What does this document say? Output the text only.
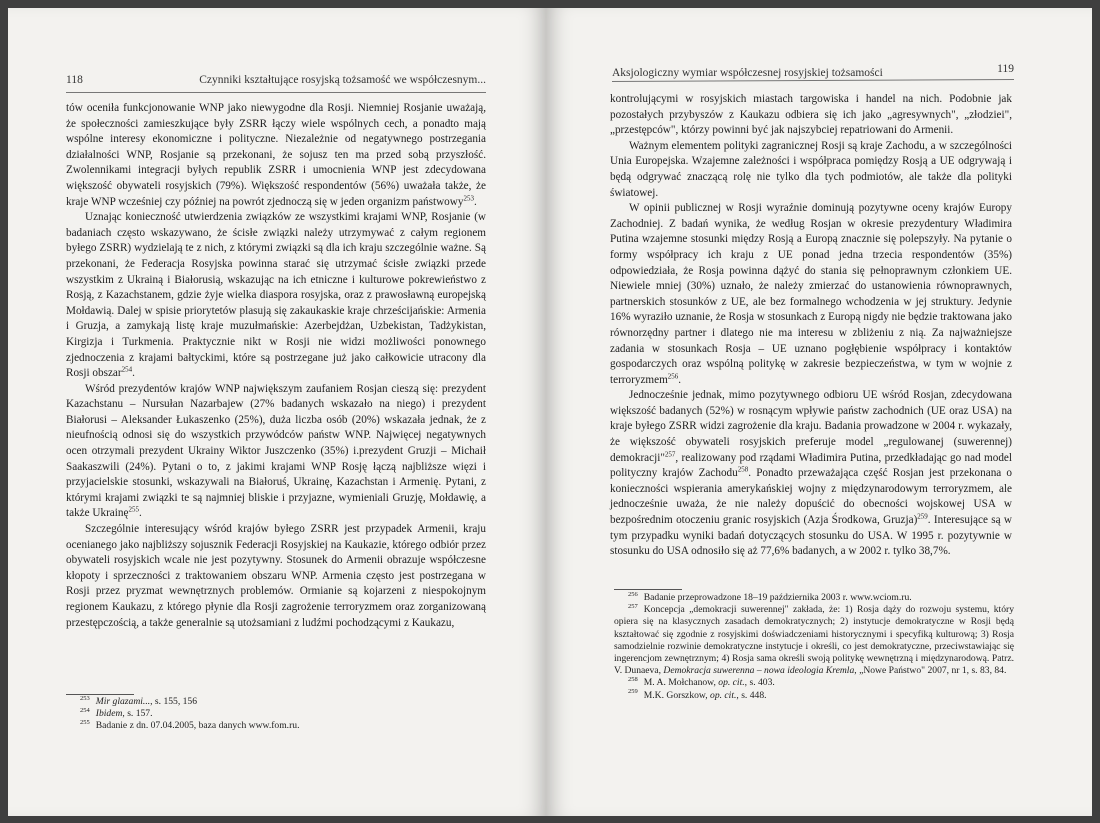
118	Czynniki kształtujące rosyjską tożsamość we współczesnym...

tów oceniła funkcjonowanie WNP jako niewygodne dla Rosji. Niemniej Rosjanie uważają, że społeczności zamieszkujące były ZSRR łączy wiele wspólnych cech, a ponadto mają wspólne interesy ekonomiczne i polityczne. Niezależnie od negatywnego postrzegania działalności WNP, Rosjanie są przekonani, że sojusz ten ma przed sobą przyszłość. Zwolennikami integracji byłych republik ZSRR i umocnienia WNP jest zdecydowana większość obywateli rosyjskich (79%). Większość respondentów (56%) uważała także, że kraje WNP wcześniej czy później na powrót zjednoczą się w jeden organizm państwowy$^{253}$.

Uznając konieczność utwierdzenia związków ze wszystkimi krajami WNP, Rosjanie (w badaniach często wskazywano, że ścisłe związki należy utrzymywać z całym regionem byłego ZSRR) wydzielają te z nich, z którymi związki są dla ich kraju szczególnie ważne. Są przekonani, że Federacja Rosyjska powinna starać się utrzymać ścisłe związki przede wszystkim z Ukrainą i Białorusią, wskazując na ich etniczne i kulturowe pokrewieństwo z Rosją, z Kazachstanem, gdzie żyje wielka diaspora rosyjska, oraz z prawosławną europejską Mołdawią. Dalej w spisie priorytetów plasują się zakaukaskie kraje chrześcijańskie: Armenia i Gruzja, a zamykają listę kraje muzułmańskie: Azerbejdżan, Uzbekistan, Tadżykistan, Kirgizja i Turkmenia. Praktycznie nikt w Rosji nie widzi możliwości ponownego zjednoczenia z krajami bałtyckimi, które są postrzegane już jako całkowicie utracony dla Rosji obszar$^{254}$.

Wśród prezydentów krajów WNP największym zaufaniem Rosjan cieszą się: prezydent Kazachstanu – Nursułan Nazarbajew (27% badanych wskazało na niego) i prezydent Białorusi – Aleksander Łukaszenko (25%), duża liczba osób (20%) wskazała jednak, że z nieufnością odnosi się do wszystkich przywódców państw WNP. Najwięcej negatywnych ocen otrzymali prezydent Ukrainy Wiktor Juszczenko (35%) i.prezydent Gruzji – Michaił Saakaszwili (24%). Pytani o to, z jakimi krajami WNP Rosję łączą najbliższe więzi i przyjacielskie stosunki, wskazywali na Białoruś, Ukrainę, Kazachstan i Armenię. Pytani, z którymi krajami związki te są najmniej bliskie i przyjazne, wymieniali Gruzję, Mołdawię, a także Ukrainę$^{255}$.

Szczególnie interesujący wśród krajów byłego ZSRR jest przypadek Armenii, kraju ocenianego jako najbliższy sojusznik Federacji Rosyjskiej na Kaukazie, którego odbiór przez obywateli rosyjskich wcale nie jest pozytywny. Stosunek do Armenii obrazuje współczesne kłopoty i sprzeczności z traktowaniem obszaru WNP. Armenia często jest postrzegana w Rosji przez pryzmat wewnętrznych problemów. Ormianie są kojarzeni z niespokojnym regionem Kaukazu, z którego płynie dla Rosji zagrożenie terroryzmem oraz zorganizowaną przestępczością, a także generalnie są utożsamiani z ludźmi pochodzącymi z Kaukazu,

$^{253}$ Mir glazami..., s. 155, 156

$^{254}$ Ibidem, s. 157.

$^{255}$ Badanie z dn. 07.04.2005, baza danych www.fom.ru.

Aksjologiczny wymiar współczesnej rosyjskiej tożsamości	119

kontrolującymi w rosyjskich miastach targowiska i handel na nich. Podobnie jak pozostałych przybyszów z Kaukazu odbiera się ich jako „agresywnych", „złodziei", „przestępców", którzy powinni być jak najszybciej repatriowani do Armenii.

Ważnym elementem polityki zagranicznej Rosji są kraje Zachodu, a w szczególności Unia Europejska. Wzajemne zależności i współpraca pomiędzy Rosją a UE odgrywają i będą odgrywać znaczącą rolę nie tylko dla tych podmiotów, ale także dla polityki światowej.

W opinii publicznej w Rosji wyraźnie dominują pozytywne oceny krajów Europy Zachodniej. Z badań wynika, że według Rosjan w okresie prezydentury Władimira Putina wzajemne stosunki między Rosją a Europą znacznie się polepszyły. Na pytanie o formy współpracy ich kraju z UE ponad jedna trzecia respondentów (35%) odpowiedziała, że Rosja powinna dążyć do stania się pełnoprawnym członkiem UE. Niewiele mniej (30%) uznało, że należy zmierzać do ustanowienia równoprawnych, partnerskich stosunków z UE, ale bez formalnego wchodzenia w jej struktury. Jedynie 16% wyraziło uznanie, że Rosja w stosunkach z Europą nigdy nie będzie traktowana jako równorzędny partner i dlatego nie ma interesu w zbliżeniu z nią. Za najważniejsze zadania w stosunkach Rosja – UE uznano pogłębienie współpracy i kontaktów gospodarczych oraz wspólną politykę w zakresie bezpieczeństwa, w tym w wojnie z terroryzmem$^{256}$.

Jednocześnie jednak, mimo pozytywnego odbioru UE wśród Rosjan, zdecydowana większość badanych (52%) w rosnącym wpływie państw zachodnich (UE oraz USA) na kraje byłego ZSRR widzi zagrożenie dla kraju. Badania prowadzone w 2004 r. wykazały, że większość obywateli rosyjskich preferuje model „regulowanej (suwerennej) demokracji"$^{257}$, realizowany pod rządami Władimira Putina, przedkładając go nad model polityczny krajów Zachodu$^{258}$. Ponadto przeważająca część Rosjan jest przekonana o konieczności wspierania amerykańskiej wojny z międzynarodowym terroryzmem, ale jednocześnie uważa, że nie należy dopuścić do obecności wojskowej USA w bezpośrednim otoczeniu granic rosyjskich (Azja Środkowa, Gruzja)$^{259}$. Interesujące są w tym przypadku wyniki badań dotyczących stosunku do USA. W 1995 r. pozytywnie w stosunku do USA odnosiło się aż 77,6% badanych, a w 2002 r. tylko 38,7%.

$^{256}$ Badanie przeprowadzone 18–19 października 2003 r. www.wciom.ru.

$^{257}$ Koncepcja „demokracji suwerennej" zakłada, że: 1) Rosja dąży do rozwoju systemu, który opiera się na klasycznych zasadach demokratycznych; 2) instytucje demokratyczne w Rosji będą kształtować się zgodnie z rosyjskimi doświadczeniami historycznymi i specyfiką kulturową; 3) Rosja samodzielnie rozwinie demokratyczne instytucje i określi, co jest demokratyczne, przeciwstawiając się ingerencjom zewnętrznym; 4) Rosja sama określi swoją politykę wewnętrzną i międzynarodową. Patrz. V. Dunaeva, Demokracja suwerenna – nowa ideologia Kremla, „Nowe Państwo" 2007, nr 1, s. 83, 84.

$^{258}$ M. A. Mołchanow, op. cit., s. 403.

$^{259}$ M.K. Gorszkow, op. cit., s. 448.
